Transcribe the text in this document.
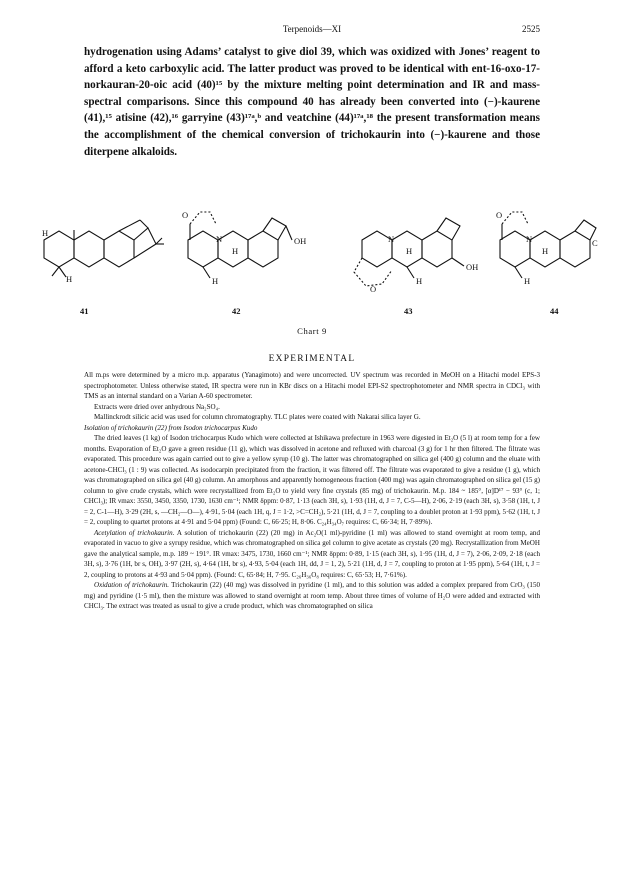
Terpenoids—XI	2525

hydrogenation using Adams’ catalyst to give diol 39, which was oxidized with Jones’ reagent to afford a keto carboxylic acid. The latter product was proved to be identical with ent-16-oxo-17-norkauran-20-oic acid (40)¹⁵ by the mixture melting point determination and IR and mass-spectral comparisons. Since this compound 40 has already been converted into (−)-kaurene (41),¹⁵ atisine (42),¹⁶ garryine (43)¹⁷ᵃ,ᵇ and veatchine (44)¹⁷ᵃ,¹⁸ the present transformation means the accomplishment of the chemical conversion of trichokaurin into (−)-kaurene and those diterpene alkaloids.

H
H
O
N
H
OH
H
N
H
O
OH
H
O
N
H
H
C
41	42	43	44
Chart 9
EXPERIMENTAL

All m.ps were determined by a micro m.p. apparatus (Yanagimoto) and were uncorrected. UV spectrum was recorded in MeOH on a Hitachi model EPS-3 spectrophotometer. Unless otherwise stated, IR spectra were run in KBr discs on a Hitachi model EPI-S2 spectrophotometer and NMR spectra in CDCl₃ with TMS as an internal standard on a Varian A-60 spectrometer.

Extracts were dried over anhydrous Na₂SO₄.

Mallinckrodt silicic acid was used for column chromatography. TLC plates were coated with Nakarai silica layer G.

Isolation of trichokaurin (22) from Isodon trichocarpus Kudo

The dried leaves (1 kg) of Isodon trichocarpus Kudo which were collected at Ishikawa prefecture in 1963 were digested in Et₂O (5 l) at room temp for a few months. Evaporation of Et₂O gave a green residue (11 g), which was dissolved in acetone and refluxed with charcoal (3 g) for 1 hr then filtered. The filtrate was evaporated. This procedure was again carried out to give a yellow syrup (10 g). The latter was chromatographed on silica gel (400 g) column and the eluate with acetone-CHCl₃ (1 : 9) was collected. As isodocarpin precipitated from the fraction, it was filtered off. The filtrate was evaporated to give a residue (1 g), which was chromatographed on silica gel (40 g) column. An amorphous and apparently homogeneous fraction (400 mg) was again chromatographed on silica gel (15 g) column to give crude crystals, which were recrystallized from Et₂O to yield very fine crystals (85 mg) of trichokaurin. M.p. 184 ~ 185°, [α]D¹⁷ − 93° (c, 1; CHCl₃); IR νmax: 3550, 3450, 3350, 1730, 1630 cm⁻¹; NMR δppm: 0·87, 1·13 (each 3H, s), 1·93 (1H, d, J = 7, C-5—H), 2·06, 2·19 (each 3H, s), 3·58 (1H, t, J = 2, C-1—H), 3·29 (2H, s, —CH₂—O—), 4·91, 5·04 (each 1H, q, J = 1·2, >C=CH₂), 5·21 (1H, d, J = 7, coupling to a doublet proton at 1·93 ppm), 5·62 (1H, t, J = 2, coupling to quartet protons at 4·91 and 5·04 ppm) (Found: C, 66·25; H, 8·06. C₂₄H₃₄O₇ requires: C, 66·34; H, 7·89%).

Acetylation of trichokaurin. A solution of trichokaurin (22) (20 mg) in Ac₂O(1 ml)-pyridine (1 ml) was allowed to stand overnight at room temp, and evaporated in vacuo to give a syrupy residue, which was chromatographed on silica gel column to give acetate as crystals (20 mg). Recrystallization from MeOH gave the analytical sample, m.p. 189 ~ 191°. IR νmax: 3475, 1730, 1660 cm⁻¹; NMR δppm: 0·89, 1·15 (each 3H, s), 1·95 (1H, d, J = 7), 2·06, 2·09, 2·18 (each 3H, s), 3·76 (1H, br s, OH), 3·97 (2H, s), 4·64 (1H, br s), 4·93, 5·04 (each 1H, dd, J = 1, 2), 5·21 (1H, d, J = 7, coupling to proton at 1·95 ppm), 5·64 (1H, t, J = 2, coupling to protons at 4·93 and 5·04 ppm). (Found: C, 65·84; H, 7·95. C₂₆H₃₆O₈ requires: C, 65·53; H, 7·61%).

Oxidation of trichokaurin. Trichokaurin (22) (40 mg) was dissolved in pyridine (1 ml), and to this solution was added a complex prepared from CrO₃ (150 mg) and pyridine (1·5 ml), then the mixture was allowed to stand overnight at room temp. About three times of volume of H₂O were added and extracted with CHCl₃. The extract was treated as usual to give a crude product, which was chromatographed on silica
